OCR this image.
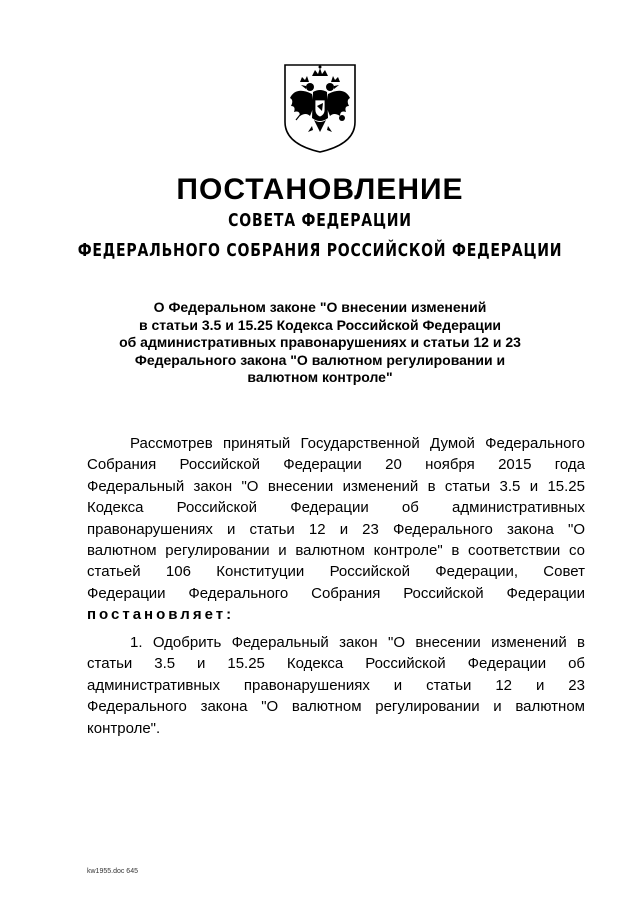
ПОСТАНОВЛЕНИЕ
СОВЕТА ФЕДЕРАЦИИ
ФЕДЕРАЛЬНОГО СОБРАНИЯ РОССИЙСКОЙ ФЕДЕРАЦИИ
О Федеральном законе "О внесении изменений
в статьи 3.5 и 15.25 Кодекса Российской Федерации
об административных правонарушениях и статьи 12 и 23
Федерального закона "О валютном регулировании и
валютном контроле"
Рассмотрев принятый Государственной Думой Федерального
Собрания Российской Федерации 20 ноября 2015 года
Федеральный закон "О внесении изменений в статьи 3.5 и 15.25
Кодекса Российской Федерации об административных
правонарушениях и статьи 12 и 23 Федерального закона "О
валютном регулировании и валютном контроле" в соответствии со
статьей 106 Конституции Российской Федерации, Совет
Федерации Федерального Собрания Российской Федерации
постановляет:
1. Одобрить Федеральный закон "О внесении изменений в
статьи 3.5 и 15.25 Кодекса Российской Федерации об
административных правонарушениях и статьи 12 и 23
Федерального закона "О валютном регулировании и валютном
контроле".
kw1955.doc 645
